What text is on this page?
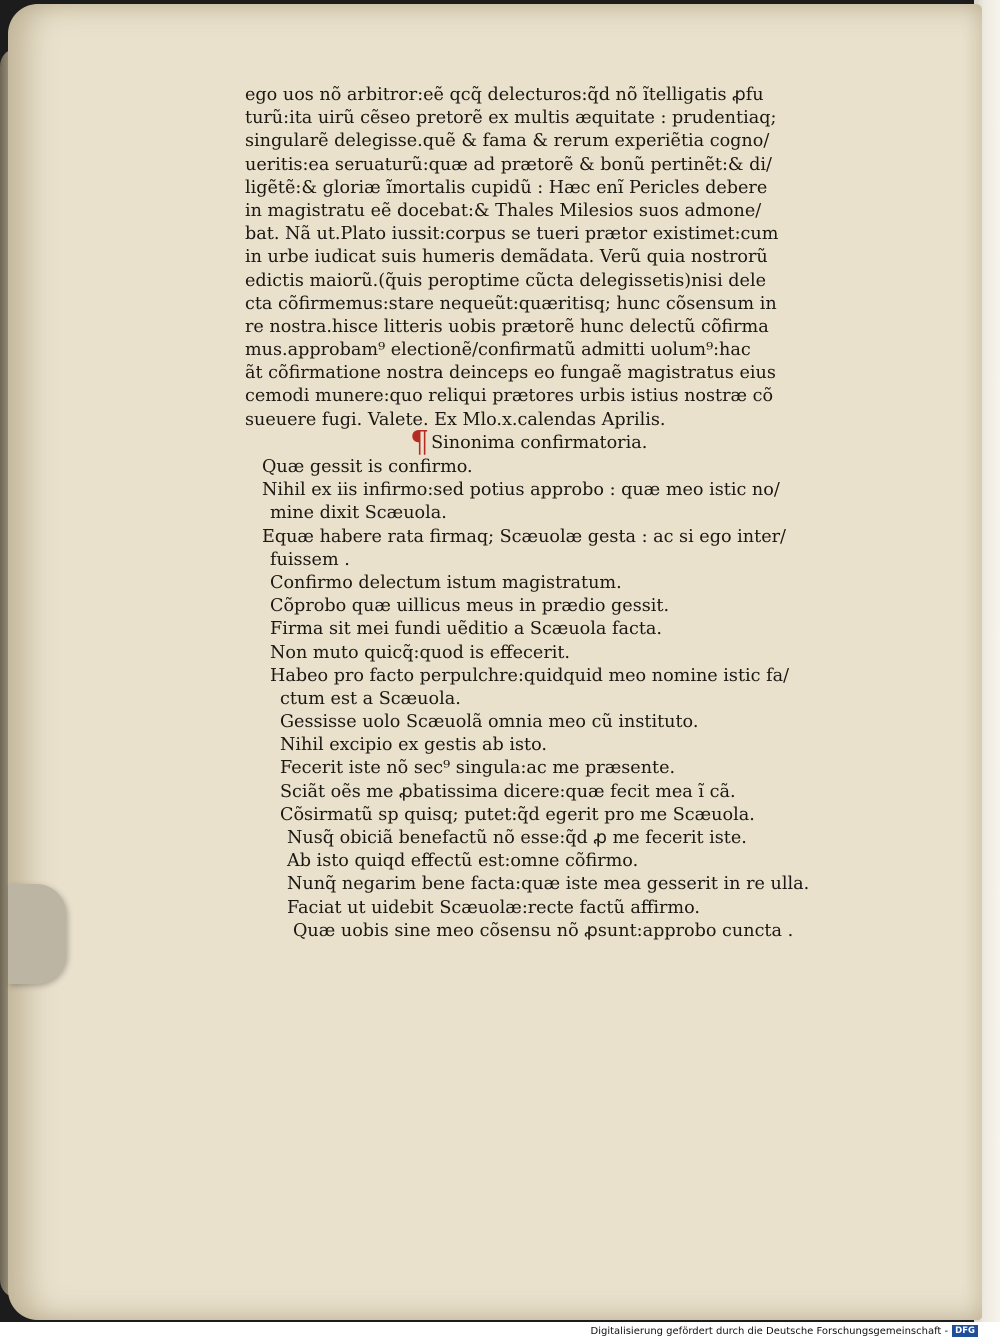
ego uos nõ arbitror:eẽ qcq̃ delecturos:q̃d nõ ĩtelligatis ꝓfu
turũ:ita uirũ cẽseo pretorẽ ex multis æquitate : prudentiaq;
singularẽ delegisse.quẽ & fama & rerum experiẽtia cogno/
ueritis:ea seruaturũ:quæ ad prætorẽ & bonũ pertinẽt:& di/
ligẽtẽ:& gloriæ ĩmortalis cupidũ : Hæc enĩ Pericles debere
in magistratu eẽ docebat:& Thales Milesios suos admone/
bat. Nã ut.Plato iussit:corpus se tueri prætor existimet:cum
in urbe iudicat suis humeris demãdata. Verũ quia nostrorũ
edictis maiorũ.(q̃uis peroptime cũcta delegissetis)nisi dele
cta cõfirmemus:stare nequeũt:quæritisq; hunc cõsensum in
re nostra.hisce litteris uobis prætorẽ hunc delectũ cõfirma
mus.approbam⁹ electionẽ/confirmatũ admitti uolum⁹:hac
ãt cõfirmatione nostra deinceps eo fungaẽ magistratus eius
cemodi munere:quo reliqui prætores urbis istius nostræ cõ
sueuere fugi. Valete. Ex Mlo.x.calendas Aprilis.
¶ Sinonima confirmatoria.
Quæ gessit is confirmo.
Nihil ex iis infirmo:sed potius approbo : quæ meo istic no/
mine dixit Scæuola.
Equæ habere rata firmaq; Scæuolæ gesta : ac si ego inter/
fuissem .
Confirmo delectum istum magistratum.
Cõprobo quæ uillicus meus in prædio gessit.
Firma sit mei fundi uẽditio a Scæuola facta.
Non muto quicq̃:quod is effecerit.
Habeo pro facto perpulchre:quidquid meo nomine istic fa/
ctum est a Scæuola.
Gessisse uolo Scæuolã omnia meo cũ instituto.
Nihil excipio ex gestis ab isto.
Fecerit iste nõ sec⁹ singula:ac me præsente.
Sciãt oẽs me ꝓbatissima dicere:quæ fecit mea ĩ cã.
Cõsirmatũ sp quisq; putet:q̃d egerit pro me Scæuola.
Nusq̃ obiciã benefactũ nõ esse:q̃d ꝓ me fecerit iste.
Ab isto quiqd effectũ est:omne cõfirmo.
Nunq̃ negarim bene facta:quæ iste mea gesserit in re ulla.
Faciat ut uidebit Scæuolæ:recte factũ affirmo.
Quæ uobis sine meo cõsensu nõ ꝓsunt:approbo cuncta .
Digitalisierung gefördert durch die Deutsche Forschungsgemeinschaft - DFG
